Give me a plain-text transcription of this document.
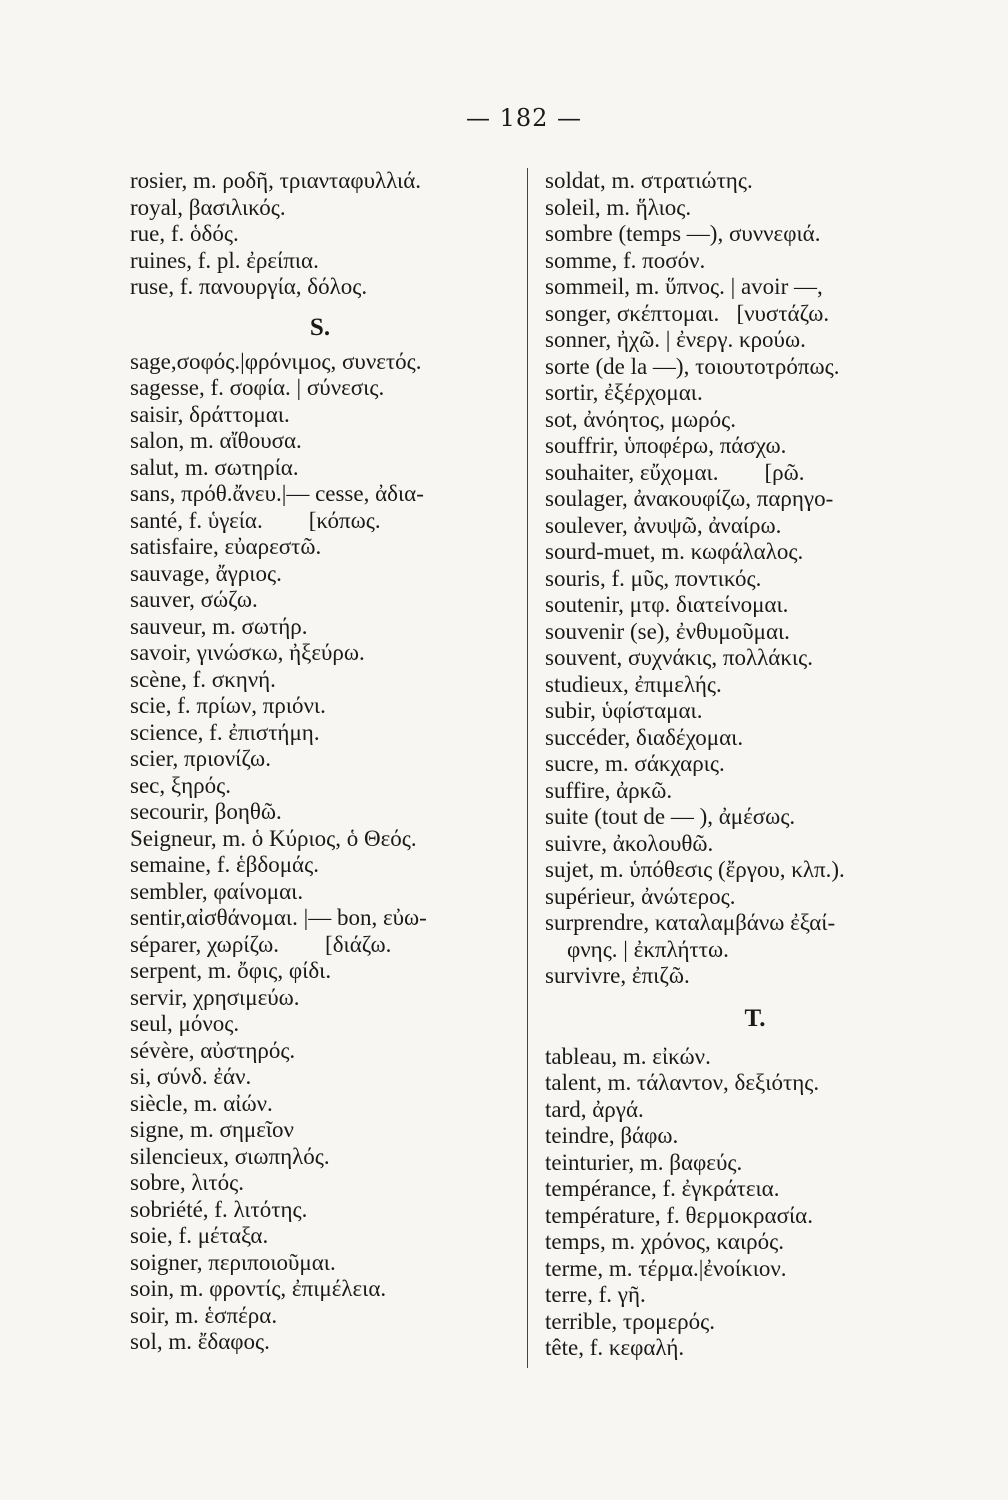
— 182 —
rosier, m. ροδῆ, τριανταφυλλιά.
royal, βασιλικός.
rue, f. ὁδός.
ruines, f. pl. ἐρείπια.
ruse, f. πανουργία, δόλος.
S.
sage,σοφός.|φρόνιμος, συνετός.
sagesse, f. σοφία. | σύνεσις.
saisir, δράττομαι.
salon, m. αἴθουσα.
salut, m. σωτηρία.
sans, πρόθ.ἄνευ.|— cesse, ἀδια-
santé, f. ὑγεία.        [κόπως.
satisfaire, εὐαρεστῶ.
sauvage, ἄγριος.
sauver, σώζω.
sauveur, m. σωτήρ.
savoir, γινώσκω, ἠξεύρω.
scène, f. σκηνή.
scie, f. πρίων, πριόνι.
science, f. ἐπιστήμη.
scier, πριονίζω.
sec, ξηρός.
secourir, βοηθῶ.
Seigneur, m. ὁ Κύριος, ὁ Θεός.
semaine, f. ἑβδομάς.
sembler, φαίνομαι.
sentir,αἰσθάνομαι. |— bon, εὐω-
séparer, χωρίζω.        [διάζω.
serpent, m. ὄφις, φίδι.
servir, χρησιμεύω.
seul, μόνος.
sévère, αὐστηρός.
si, σύνδ. ἐάν.
siècle, m. αἰών.
signe, m. σημεῖον
silencieux, σιωπηλός.
sobre, λιτός.
sobriété, f. λιτότης.
soie, f. μέταξα.
soigner, περιποιοῦμαι.
soin, m. φροντίς, ἐπιμέλεια.
soir, m. ἑσπέρα.
sol, m. ἔδαφος.
soldat, m. στρατιώτης.
soleil, m. ἥλιος.
sombre (temps —), συννεφιά.
somme, f. ποσόν.
sommeil, m. ὕπνος. | avoir —,
songer, σκέπτομαι.   [νυστάζω.
sonner, ἠχῶ. | ἐνεργ. κρούω.
sorte (de la —), τοιουτοτρόπως.
sortir, ἐξέρχομαι.
sot, ἀνόητος, μωρός.
souffrir, ὑποφέρω, πάσχω.
souhaiter, εὔχομαι.        [ρῶ.
soulager, ἀνακουφίζω, παρηγο-
soulever, ἀνυψῶ, ἀναίρω.
sourd-muet, m. κωφάλαλος.
souris, f. μῦς, ποντικός.
soutenir, μτφ. διατείνομαι.
souvenir (se), ἐνθυμοῦμαι.
souvent, συχνάκις, πολλάκις.
studieux, ἐπιμελής.
subir, ὑφίσταμαι.
succéder, διαδέχομαι.
sucre, m. σάκχαρις.
suffire, ἀρκῶ.
suite (tout de — ), ἀμέσως.
suivre, ἀκολουθῶ.
sujet, m. ὑπόθεσις (ἔργου, κλπ.).
supérieur, ἀνώτερος.
surprendre, καταλαμβάνω ἐξαί-
φνης. | ἐκπλήττω.
survivre, ἐπιζῶ.
T.
tableau, m. εἰκών.
talent, m. τάλαντον, δεξιότης.
tard, ἀργά.
teindre, βάφω.
teinturier, m. βαφεύς.
tempérance, f. ἐγκράτεια.
température, f. θερμοκρασία.
temps, m. χρόνος, καιρός.
terme, m. τέρμα.|ἐνοίκιον.
terre, f. γῆ.
terrible, τρομερός.
tête, f. κεφαλή.
